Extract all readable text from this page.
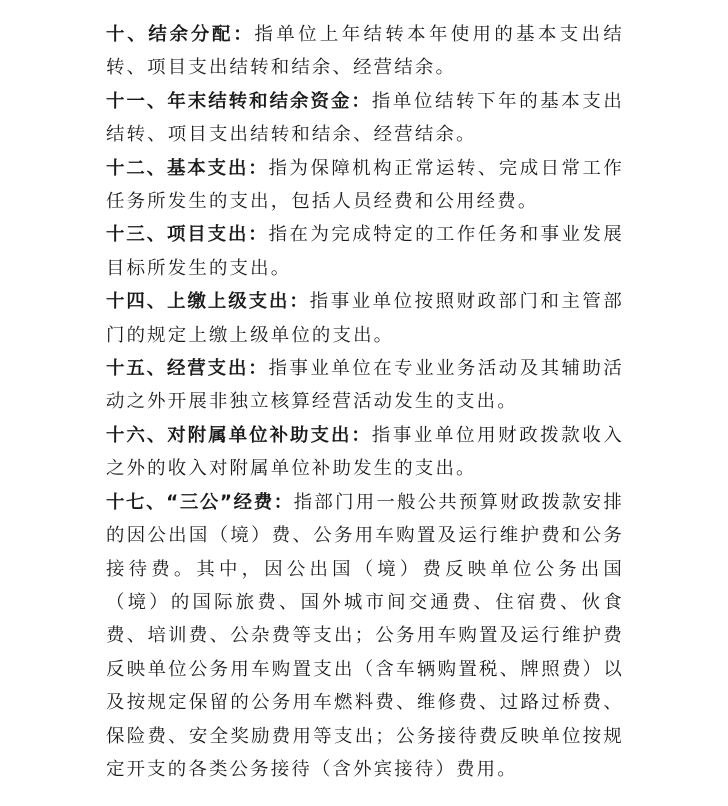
十、结余分配：指单位上年结转本年使用的基本支出结转、项目支出结转和结余、经营结余。

十一、年末结转和结余资金：指单位结转下年的基本支出结转、项目支出结转和结余、经营结余。

十二、基本支出：指为保障机构正常运转、完成日常工作任务所发生的支出，包括人员经费和公用经费。

十三、项目支出：指在为完成特定的工作任务和事业发展目标所发生的支出。

十四、上缴上级支出：指事业单位按照财政部门和主管部门的规定上缴上级单位的支出。

十五、经营支出：指事业单位在专业业务活动及其辅助活动之外开展非独立核算经营活动发生的支出。

十六、对附属单位补助支出：指事业单位用财政拨款收入之外的收入对附属单位补助发生的支出。

十七、“三公”经费：指部门用一般公共预算财政拨款安排的因公出国（境）费、公务用车购置及运行维护费和公务接待费。其中，因公出国（境）费反映单位公务出国（境）的国际旅费、国外城市间交通费、住宿费、伙食费、培训费、公杂费等支出；公务用车购置及运行维护费反映单位公务用车购置支出（含车辆购置税、牌照费）以及按规定保留的公务用车燃料费、维修费、过路过桥费、保险费、安全奖励费用等支出；公务接待费反映单位按规定开支的各类公务接待（含外宾接待）费用。
